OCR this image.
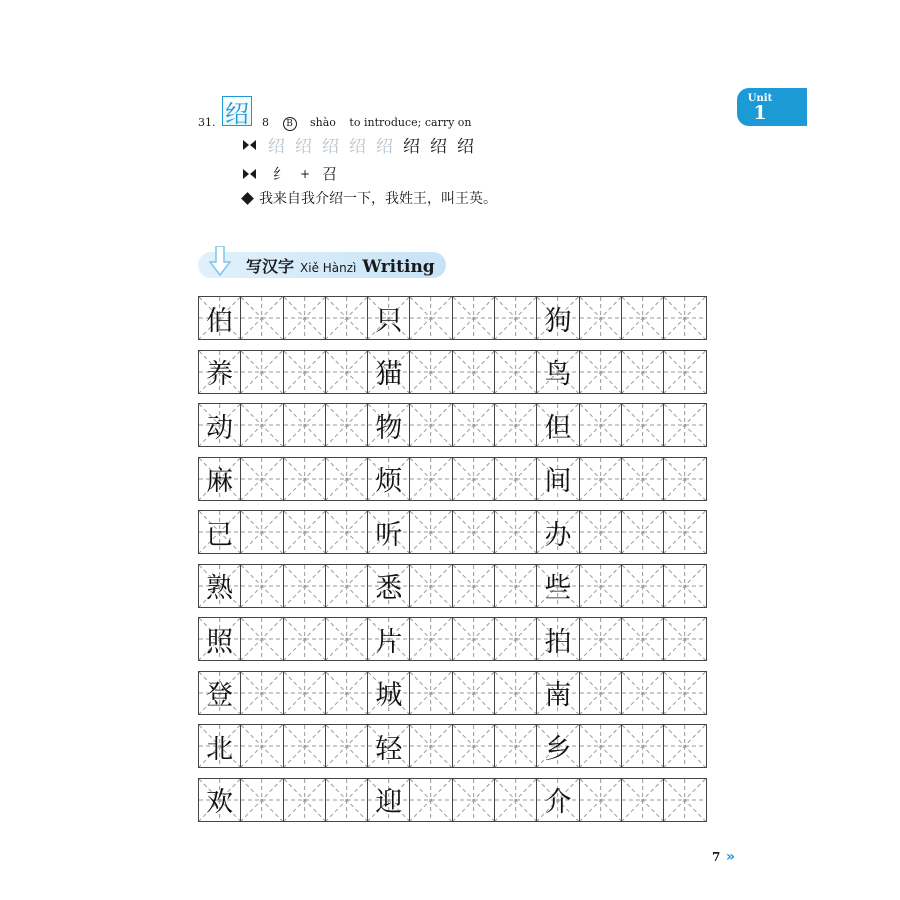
Unit
1
31. 绍 8 B shào to introduce; carry on
绍 绍 绍 绍 绍 绍 绍 绍
纟 + 召
我来自我介绍一下，我姓王，叫王英。
写汉字 Xiě Hànzì Writing
伯	只	狗
养	猫	鸟
动	物	但
麻	烦	间
已	听	办
熟	悉	些
照	片	拍
登	城	南
北	轻	乡
欢	迎	介
7 »
